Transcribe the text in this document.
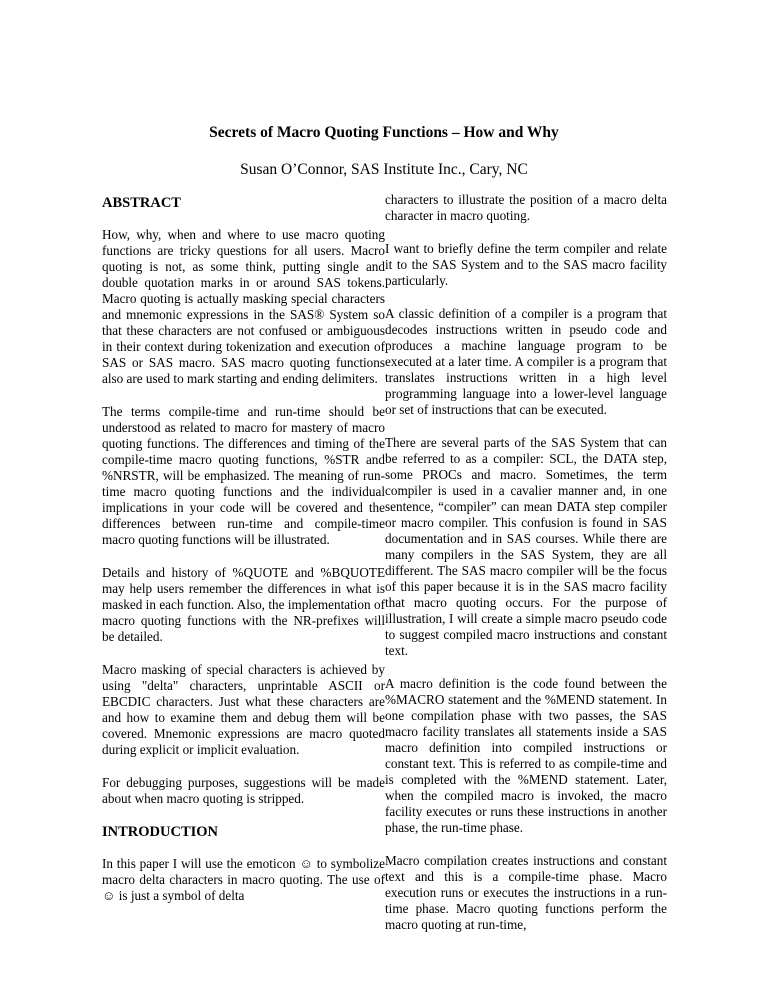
Secrets of Macro Quoting Functions – How and Why
Susan O’Connor, SAS Institute Inc., Cary, NC
ABSTRACT

How, why, when and where to use macro quoting functions are tricky questions for all users. Macro quoting is not, as some think, putting single and double quotation marks in or around SAS tokens. Macro quoting is actually masking special characters and mnemonic expressions in the SAS® System so that these characters are not confused or ambiguous in their context during tokenization and execution of SAS or SAS macro. SAS macro quoting functions also are used to mark starting and ending delimiters.

The terms compile-time and run-time should be understood as related to macro for mastery of macro quoting functions. The differences and timing of the compile-time macro quoting functions, %STR and %NRSTR, will be emphasized. The meaning of run-time macro quoting functions and the individual implications in your code will be covered and the differences between run-time and compile-time macro quoting functions will be illustrated.

Details and history of %QUOTE and %BQUOTE may help users remember the differences in what is masked in each function. Also, the implementation of macro quoting functions with the NR-prefixes will be detailed.

Macro masking of special characters is achieved by using "delta" characters, unprintable ASCII or EBCDIC characters. Just what these characters are and how to examine them and debug them will be covered. Mnemonic expressions are macro quoted during explicit or implicit evaluation.

For debugging purposes, suggestions will be made about when macro quoting is stripped.

INTRODUCTION

In this paper I will use the emoticon ☺ to symbolize macro delta characters in macro quoting. The use of ☺ is just a symbol of delta

characters to illustrate the position of a macro delta character in macro quoting.

I want to briefly define the term compiler and relate it to the SAS System and to the SAS macro facility particularly.

A classic definition of a compiler is a program that decodes instructions written in pseudo code and produces a machine language program to be executed at a later time. A compiler is a program that translates instructions written in a high level programming language into a lower-level language or set of instructions that can be executed.

There are several parts of the SAS System that can be referred to as a compiler: SCL, the DATA step, some PROCs and macro. Sometimes, the term compiler is used in a cavalier manner and, in one sentence, “compiler” can mean DATA step compiler or macro compiler. This confusion is found in SAS documentation and in SAS courses. While there are many compilers in the SAS System, they are all different. The SAS macro compiler will be the focus of this paper because it is in the SAS macro facility that macro quoting occurs. For the purpose of illustration, I will create a simple macro pseudo code to suggest compiled macro instructions and constant text.

A macro definition is the code found between the %MACRO statement and the %MEND statement. In one compilation phase with two passes, the SAS macro facility translates all statements inside a SAS macro definition into compiled instructions or constant text. This is referred to as compile-time and is completed with the %MEND statement. Later, when the compiled macro is invoked, the macro facility executes or runs these instructions in another phase, the run-time phase.

Macro compilation creates instructions and constant text and this is a compile-time phase. Macro execution runs or executes the instructions in a run-time phase. Macro quoting functions perform the macro quoting at run-time,
